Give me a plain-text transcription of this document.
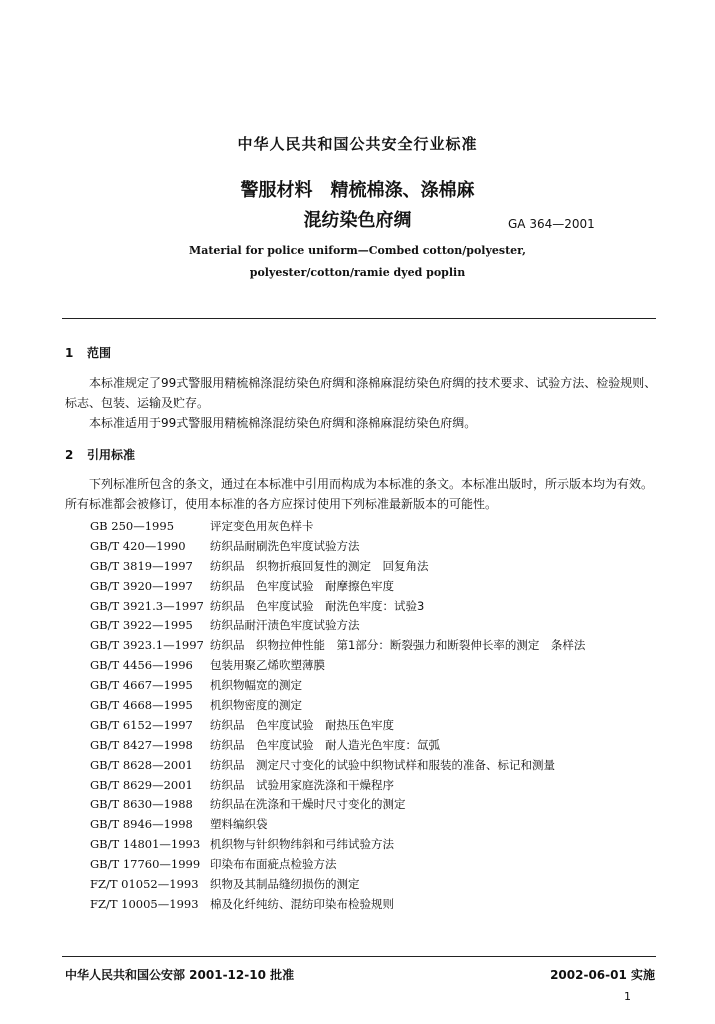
中华人民共和国公共安全行业标准
警服材料　精梳棉涤、涤棉麻
混纺染色府绸	GA 364—2001
Material for police uniform—Combed cotton/polyester,
polyester/cotton/ramie dyed poplin
1 范围
本标准规定了99式警服用精梳棉涤混纺染色府绸和涤棉麻混纺染色府绸的技术要求、试验方法、检验规则、标志、包装、运输及贮存。
本标准适用于99式警服用精梳棉涤混纺染色府绸和涤棉麻混纺染色府绸。
2 引用标准
下列标准所包含的条文，通过在本标准中引用而构成为本标准的条文。本标准出版时，所示版本均为有效。所有标准都会被修订，使用本标准的各方应探讨使用下列标准最新版本的可能性。
GB 250—1995	评定变色用灰色样卡
GB/T 420—1990 纺织品耐刷洗色牢度试验方法
GB/T 3819—1997 纺织品　织物折痕回复性的测定　回复角法
GB/T 3920—1997 纺织品　色牢度试验　耐摩擦色牢度
GB/T 3921.3—1997 纺织品　色牢度试验　耐洗色牢度：试验3
GB/T 3922—1995 纺织品耐汗渍色牢度试验方法
GB/T 3923.1—1997 纺织品　织物拉伸性能　第1部分：断裂强力和断裂伸长率的测定　条样法
GB/T 4456—1996 包装用聚乙烯吹塑薄膜
GB/T 4667—1995 机织物幅宽的测定
GB/T 4668—1995 机织物密度的测定
GB/T 6152—1997 纺织品　色牢度试验　耐热压色牢度
GB/T 8427—1998 纺织品　色牢度试验　耐人造光色牢度：氙弧
GB/T 8628—2001 纺织品　测定尺寸变化的试验中织物试样和服装的准备、标记和测量
GB/T 8629—2001 纺织品　试验用家庭洗涤和干燥程序
GB/T 8630—1988 纺织品在洗涤和干燥时尺寸变化的测定
GB/T 8946—1998 塑料编织袋
GB/T 14801—1993 机织物与针织物纬斜和弓纬试验方法
GB/T 17760—1999 印染布布面疵点检验方法
FZ/T 01052—1993 织物及其制品缝纫损伤的测定
FZ/T 10005—1993 棉及化纤纯纺、混纺印染布检验规则
中华人民共和国公安部 2001-12-10 批准	2002-06-01 实施
1
